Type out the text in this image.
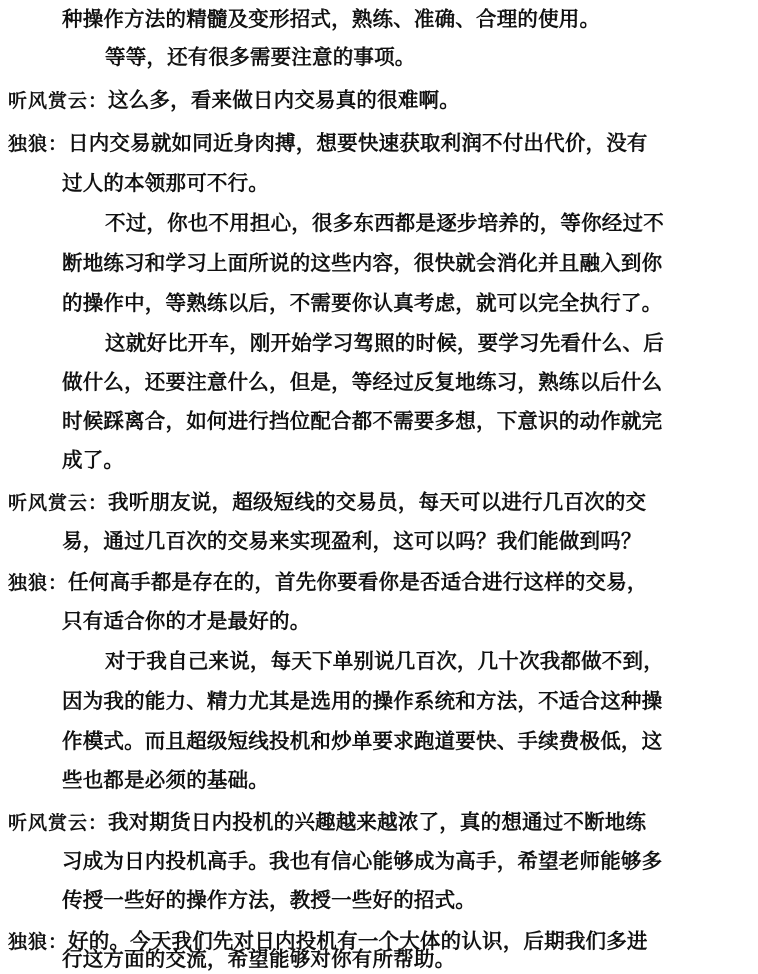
种操作方法的精髓及变形招式，熟练、准确、合理的使用。
等等，还有很多需要注意的事项。
听风赏云：这么多，看来做日内交易真的很难啊。
独狼：日内交易就如同近身肉搏，想要快速获取利润不付出代价，没有
过人的本领那可不行。
不过，你也不用担心，很多东西都是逐步培养的，等你经过不
断地练习和学习上面所说的这些内容，很快就会消化并且融入到你
的操作中，等熟练以后，不需要你认真考虑，就可以完全执行了。
这就好比开车，刚开始学习驾照的时候，要学习先看什么、后
做什么，还要注意什么，但是，等经过反复地练习，熟练以后什么
时候踩离合，如何进行挡位配合都不需要多想，下意识的动作就完
成了。
听风赏云：我听朋友说，超级短线的交易员，每天可以进行几百次的交
易，通过几百次的交易来实现盈利，这可以吗？我们能做到吗？
独狼：任何高手都是存在的，首先你要看你是否适合进行这样的交易，
只有适合你的才是最好的。
对于我自己来说，每天下单别说几百次，几十次我都做不到，
因为我的能力、精力尤其是选用的操作系统和方法，不适合这种操
作模式。而且超级短线投机和炒单要求跑道要快、手续费极低，这
些也都是必须的基础。
听风赏云：我对期货日内投机的兴趣越来越浓了，真的想通过不断地练
习成为日内投机高手。我也有信心能够成为高手，希望老师能够多
传授一些好的操作方法，教授一些好的招式。
独狼：好的。今天我们先对日内投机有一个大体的认识，后期我们多进
行这方面的交流，希望能够对你有所帮助。
